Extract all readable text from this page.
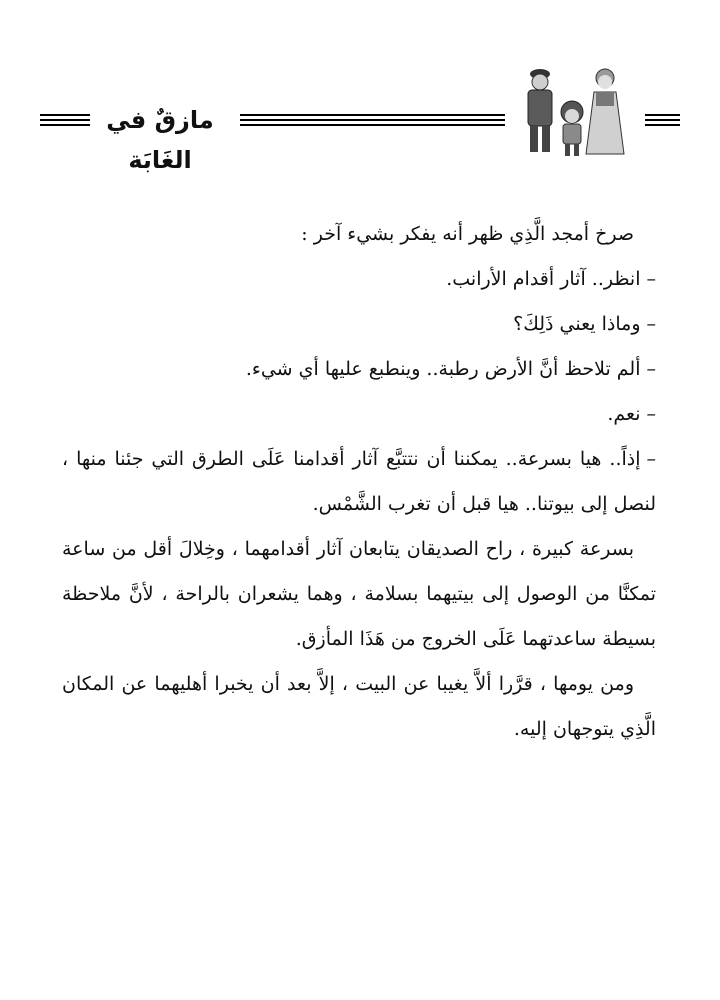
مازقٌ في الغَابَة

صرخ أمجد الَّذِي ظهر أنه يفكر بشيء آخر :

–انظر.. آثار أقدام الأرانب.

–وماذا يعني ذَلِكَ؟

–ألم تلاحظ أنَّ الأرض رطبة.. وينطبع عليها أي شيء.

–نعم.

–إذاً.. هيا بسرعة.. يمكننا أن نتتبَّع آثار أقدامنا عَلَى الطرق التي جئنا منها ، لنصل إلى بيوتنا.. هيا قبل أن تغرب الشَّمْس.

بسرعة كبيرة ، راح الصديقان يتابعان آثار أقدامهما ، وخِلالَ أقل من ساعة تمكنَّا من الوصول إلى بيتيهما بسلامة ، وهما يشعران بالراحة ، لأنَّ ملاحظة بسيطة ساعدتهما عَلَى الخروج من هَذَا المأزق.

ومن يومها ، قرَّرا ألاَّ يغيبا عن البيت ، إلاَّ بعد أن يخبرا أهليهما عن المكان الَّذِي يتوجهان إليه.
